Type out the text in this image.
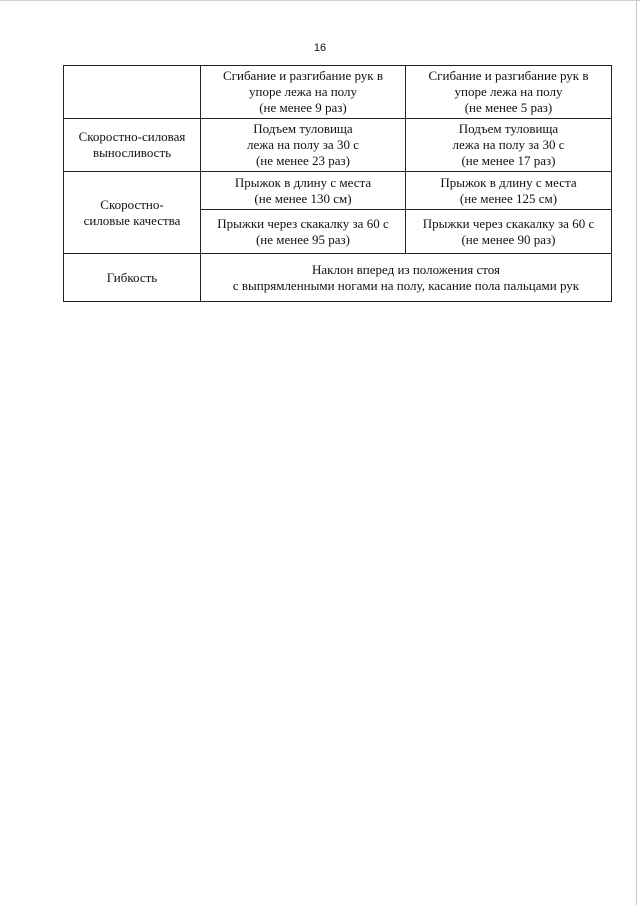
16

	Сгибание и разгибание рук в
упоре лежа на полу
(не менее 9 раз)	Сгибание и разгибание рук в
упоре лежа на полу
(не менее 5 раз)

Скоростно-силовая
выносливость	Подъем туловища
лежа на полу за 30 с
(не менее 23 раз)	Подъем туловища
лежа на полу за 30 с
(не менее 17 раз)

Скоростно-
силовые качества	Прыжок в длину с места
(не менее 130 см)	Прыжок в длину с места
(не менее 125 см)

	Прыжки через скакалку за 60 с
(не менее 95 раз)	Прыжки через скакалку за 60 с
(не менее 90 раз)

Гибкость	Наклон вперед из положения стоя
с выпрямленными ногами на полу, касание пола пальцами рук	
